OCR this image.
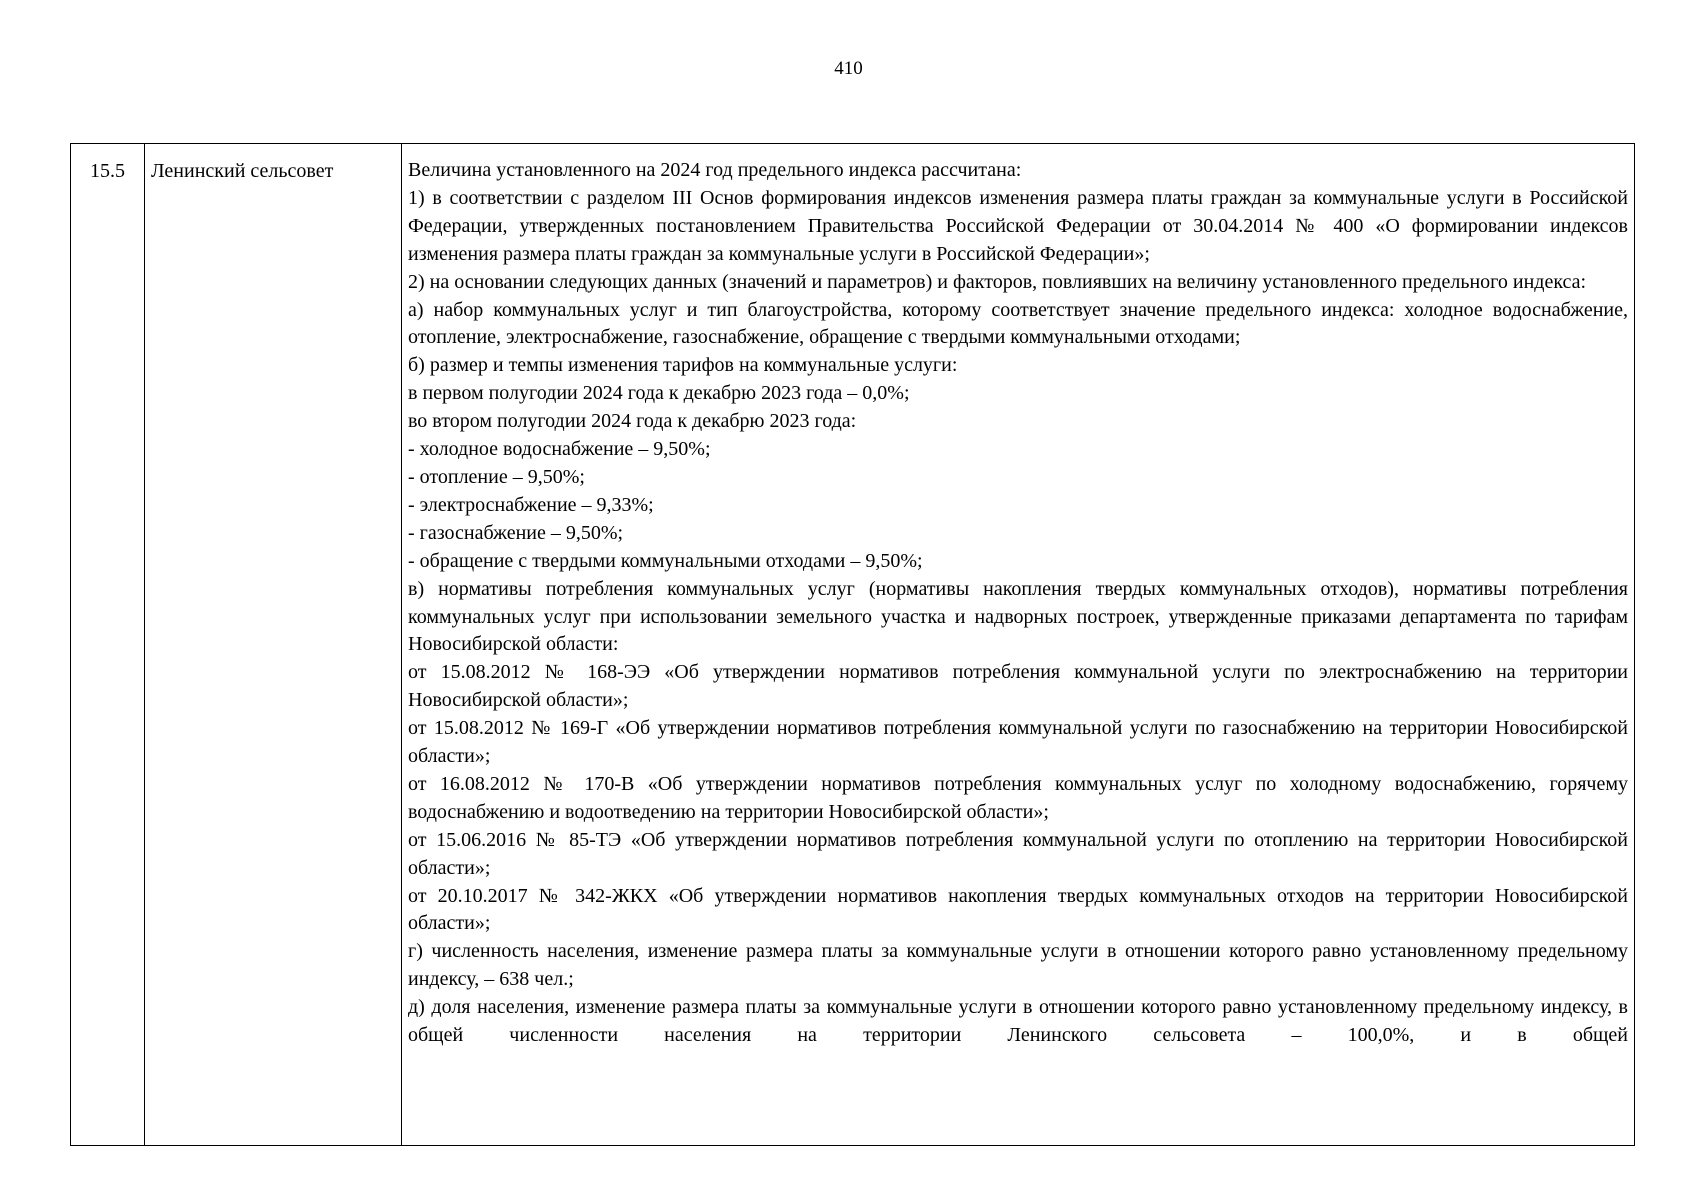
410
15.5	Ленинский сельсовет	Величина установленного на 2024 год предельного индекса рассчитана:

1) в соответствии с разделом III Основ формирования индексов изменения размера платы граждан за коммунальные услуги в Российской Федерации, утвержденных постановлением Правительства Российской Федерации от 30.04.2014 № 400 «О формировании индексов изменения размера платы граждан за коммунальные услуги в Российской Федерации»;

2) на основании следующих данных (значений и параметров) и факторов, повлиявших на величину установленного предельного индекса:

а) набор коммунальных услуг и тип благоустройства, которому соответствует значение предельного индекса: холодное водоснабжение, отопление, электроснабжение, газоснабжение, обращение с твердыми коммунальными отходами;

б) размер и темпы изменения тарифов на коммунальные услуги:

в первом полугодии 2024 года к декабрю 2023 года – 0,0%;

во втором полугодии 2024 года к декабрю 2023 года:

- холодное водоснабжение – 9,50%;

- отопление – 9,50%;

- электроснабжение – 9,33%;

- газоснабжение – 9,50%;

- обращение с твердыми коммунальными отходами – 9,50%;

в) нормативы потребления коммунальных услуг (нормативы накопления твердых коммунальных отходов), нормативы потребления коммунальных услуг при использовании земельного участка и надворных построек, утвержденные приказами департамента по тарифам Новосибирской области:

от 15.08.2012 № 168-ЭЭ «Об утверждении нормативов потребления коммунальной услуги по электроснабжению на территории Новосибирской области»;

от 15.08.2012 № 169-Г «Об утверждении нормативов потребления коммунальной услуги по газоснабжению на территории Новосибирской области»;

от 16.08.2012 № 170-В «Об утверждении нормативов потребления коммунальных услуг по холодному водоснабжению, горячему водоснабжению и водоотведению на территории Новосибирской области»;

от 15.06.2016 № 85-ТЭ «Об утверждении нормативов потребления коммунальной услуги по отоплению на территории Новосибирской области»;

от 20.10.2017 № 342-ЖКХ «Об утверждении нормативов накопления твердых коммунальных отходов на территории Новосибирской области»;

г) численность населения, изменение размера платы за коммунальные услуги в отношении которого равно установленному предельному индексу, – 638 чел.;

д) доля населения, изменение размера платы за коммунальные услуги в отношении которого равно установленному предельному индексу, в общей численности населения на территории Ленинского сельсовета – 100,0%, и в общей
